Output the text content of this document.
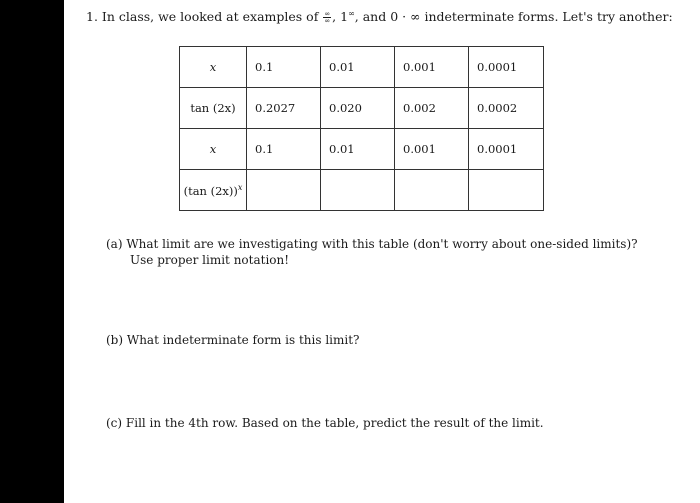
1. In class, we looked at examples of $\frac{\infty}{\infty}$ , 1∞, and 0 · ∞ indeterminate forms. Let's try another:
x	0.1	0.01	0.001	0.0001
tan (2x)	0.2027	0.020	0.002	0.0002
x	0.1	0.01	0.001	0.0001
(tan (2x))$^x$				
(a) What limit are we investigating with this table (don't worry about one-sided limits)?
Use proper limit notation!
(b) What indeterminate form is this limit?
(c) Fill in the 4th row. Based on the table, predict the result of the limit.
